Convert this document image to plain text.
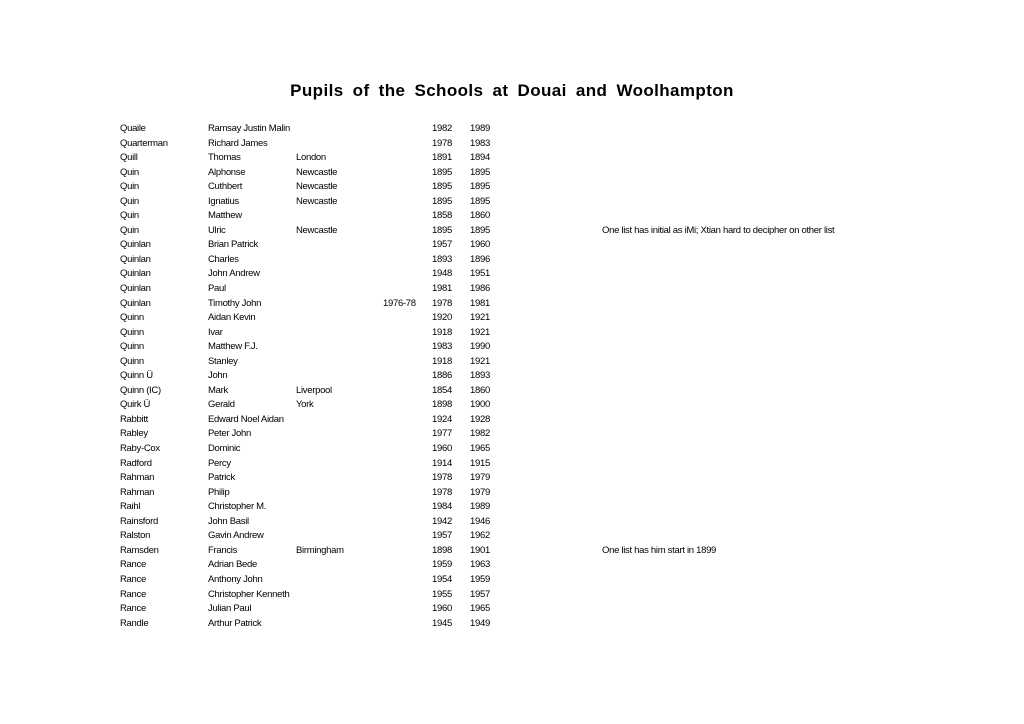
Pupils of the Schools at Douai and Woolhampton
Quaile	Ramsay Justin Malin	1982 1989
Quarterman	Richard James	1978 1983
Quill	Thomas	London	1891 1894
Quin	Alphonse	Newcastle	1895 1895
Quin	Cuthbert	Newcastle	1895 1895
Quin	Ignatius	Newcastle	1895 1895
Quin	Matthew	1858 1860
Quin	Ulric	Newcastle	1895 1895	One list has initial as iMi; Xtian hard to decipher on other list
Quinlan	Brian Patrick	1957 1960
Quinlan	Charles	1893 1896
Quinlan	John Andrew	1948 1951
Quinlan	Paul	1981 1986
Quinlan	Timothy John	1976-78 1978 1981
Quinn	Aidan Kevin	1920 1921
Quinn	Ivar	1918 1921
Quinn	Matthew F.J.	1983 1990
Quinn	Stanley	1918 1921
Quinn Ü	John	1886 1893
Quinn (IC)	Mark	Liverpool	1854 1860
Quirk Ü	Gerald	York	1898 1900
Rabbitt	Edward Noel Aidan	1924 1928
Rabley	Peter John	1977 1982
Raby-Cox	Dominic	1960 1965
Radford	Percy	1914 1915
Rahman	Patrick	1978 1979
Rahman	Philip	1978 1979
Raihl	Christopher M.	1984 1989
Rainsford	John Basil	1942 1946
Ralston	Gavin Andrew	1957 1962
Ramsden	Francis	Birmingham	1898 1901	One list has him start in 1899
Rance	Adrian Bede	1959 1963
Rance	Anthony John	1954 1959
Rance	Christopher Kenneth	1955 1957
Rance	Julian Paul	1960 1965
Randle	Arthur Patrick	1945 1949
